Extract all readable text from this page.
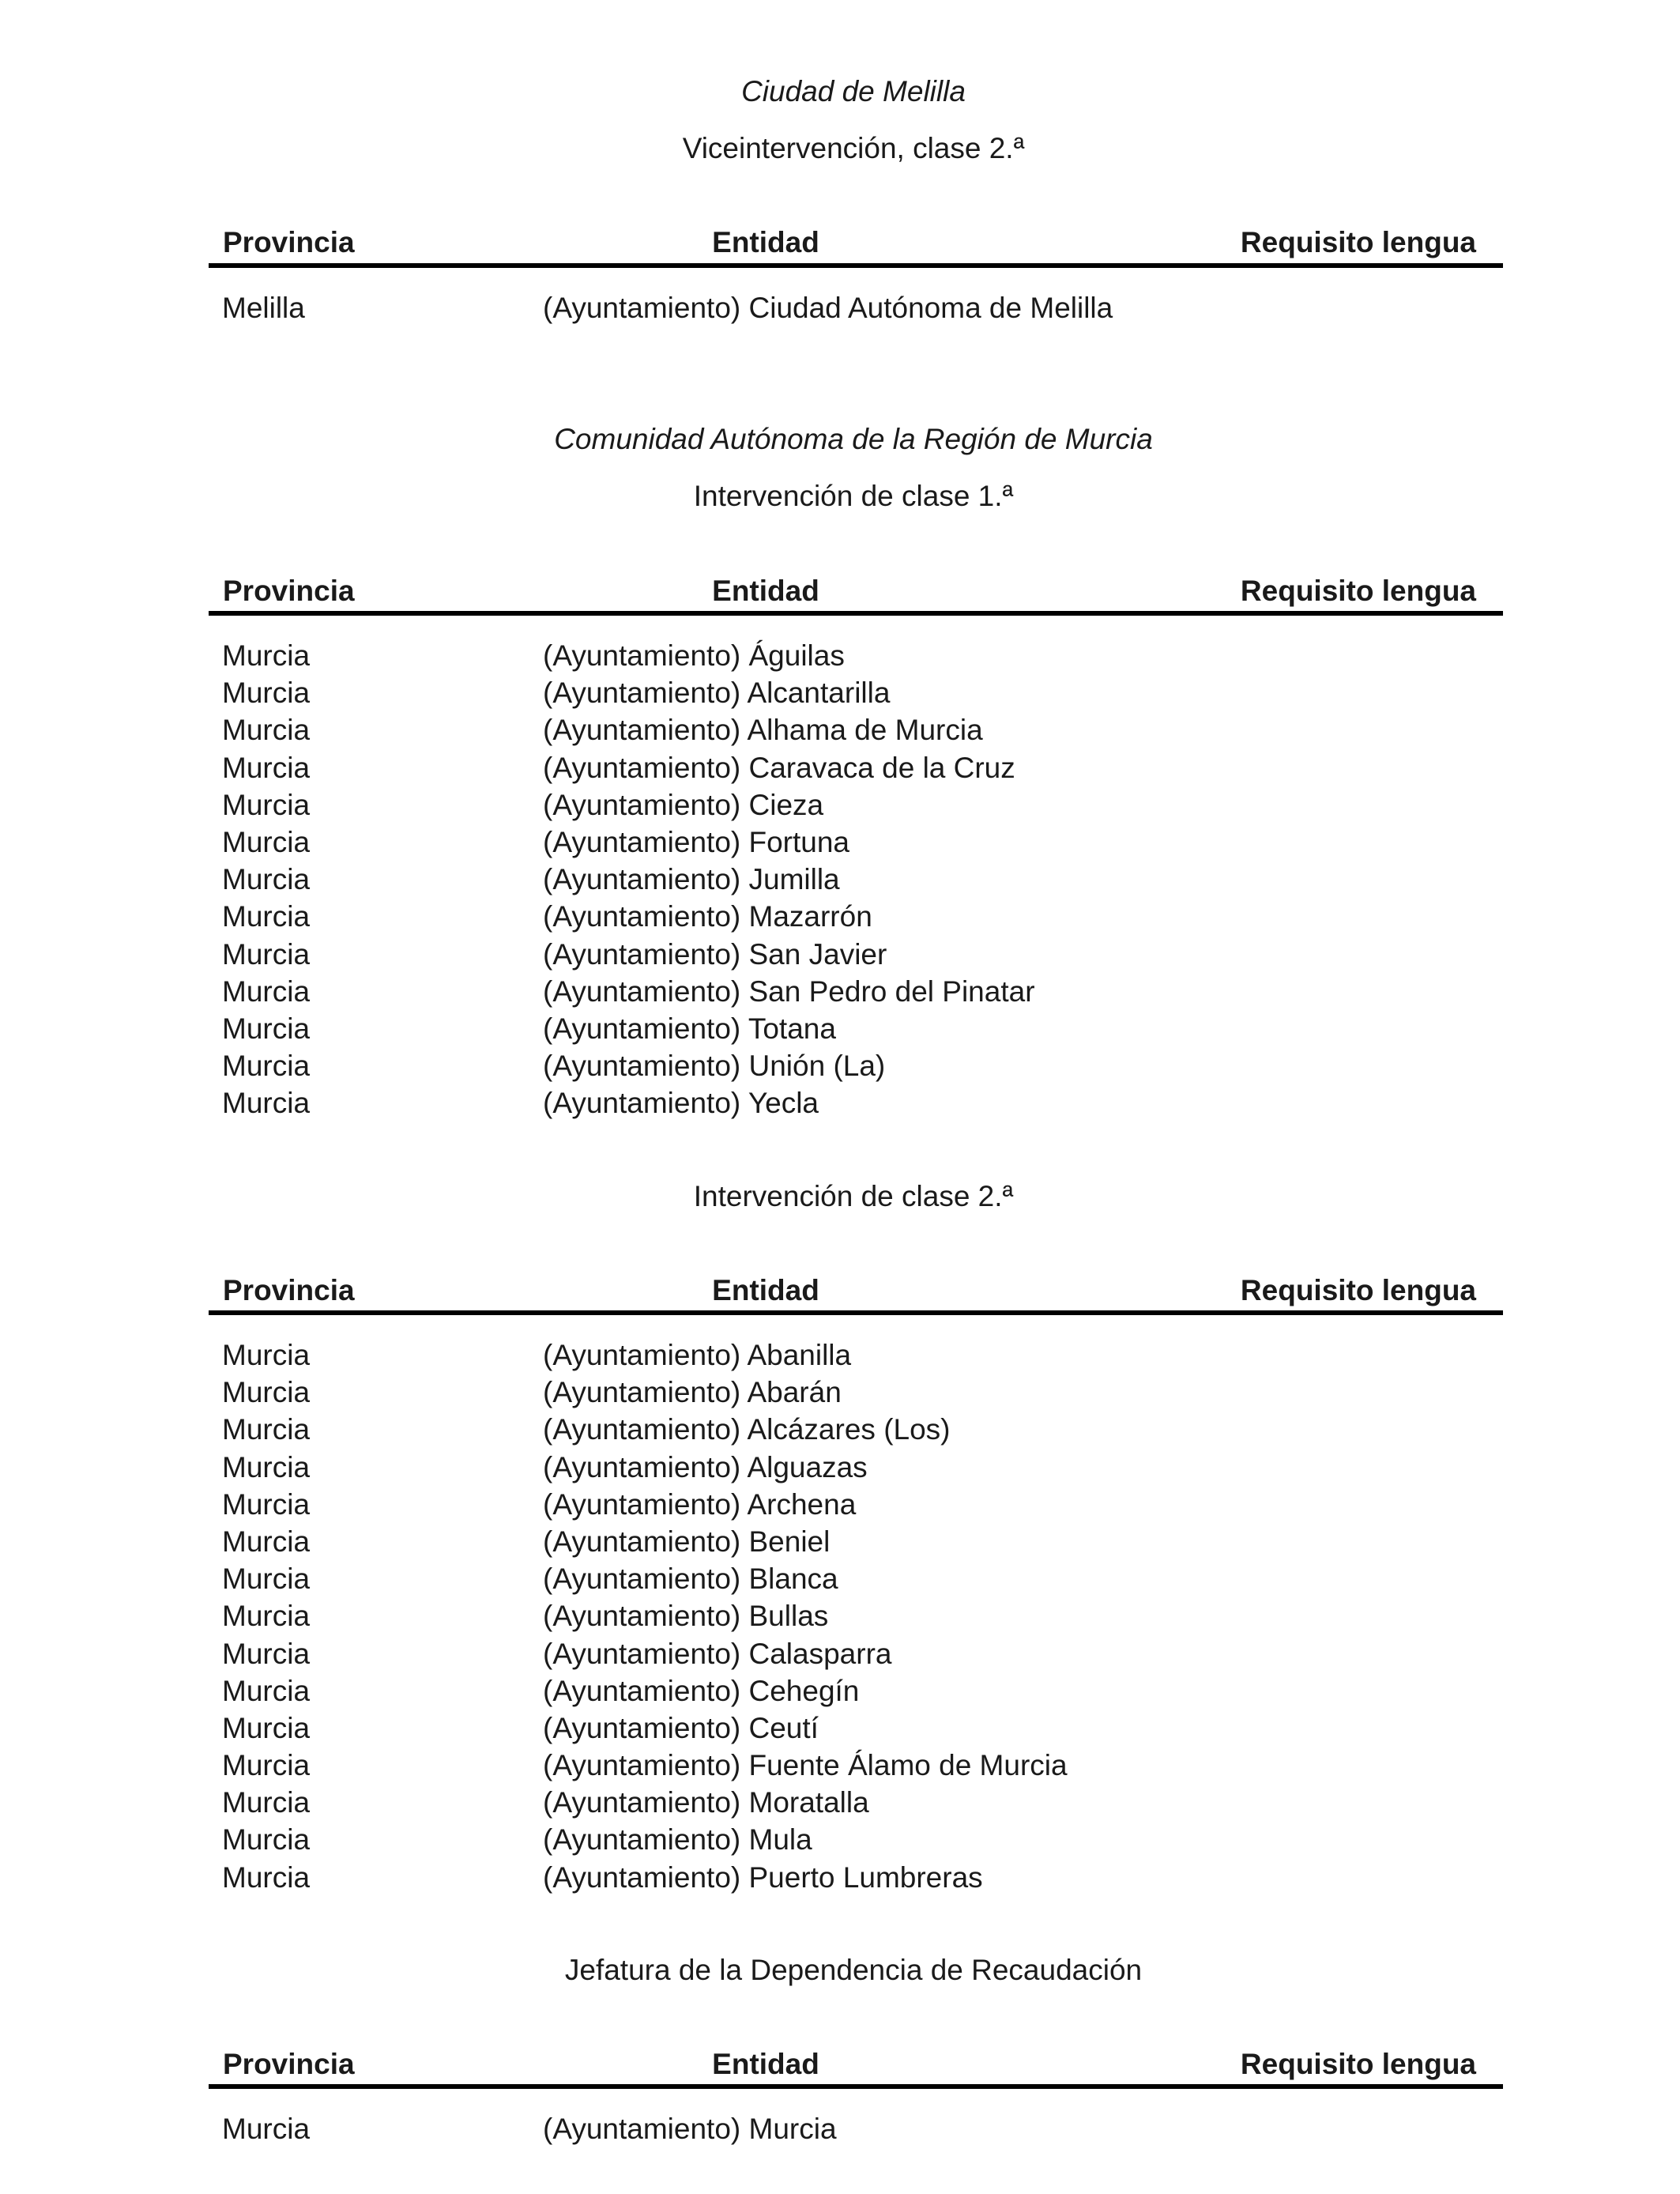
Ciudad de Melilla
Viceintervención, clase 2.ª
Provincia	Entidad	Requisito lengua
Melilla	(Ayuntamiento) Ciudad Autónoma de Melilla
Comunidad Autónoma de la Región de Murcia
Intervención de clase 1.ª
Provincia	Entidad	Requisito lengua
Murcia	(Ayuntamiento) Águilas
Murcia	(Ayuntamiento) Alcantarilla
Murcia	(Ayuntamiento) Alhama de Murcia
Murcia	(Ayuntamiento) Caravaca de la Cruz
Murcia	(Ayuntamiento) Cieza
Murcia	(Ayuntamiento) Fortuna
Murcia	(Ayuntamiento) Jumilla
Murcia	(Ayuntamiento) Mazarrón
Murcia	(Ayuntamiento) San Javier
Murcia	(Ayuntamiento) San Pedro del Pinatar
Murcia	(Ayuntamiento) Totana
Murcia	(Ayuntamiento) Unión (La)
Murcia	(Ayuntamiento) Yecla
Intervención de clase 2.ª
Provincia	Entidad	Requisito lengua
Murcia	(Ayuntamiento) Abanilla
Murcia	(Ayuntamiento) Abarán
Murcia	(Ayuntamiento) Alcázares (Los)
Murcia	(Ayuntamiento) Alguazas
Murcia	(Ayuntamiento) Archena
Murcia	(Ayuntamiento) Beniel
Murcia	(Ayuntamiento) Blanca
Murcia	(Ayuntamiento) Bullas
Murcia	(Ayuntamiento) Calasparra
Murcia	(Ayuntamiento) Cehegín
Murcia	(Ayuntamiento) Ceutí
Murcia	(Ayuntamiento) Fuente Álamo de Murcia
Murcia	(Ayuntamiento) Moratalla
Murcia	(Ayuntamiento) Mula
Murcia	(Ayuntamiento) Puerto Lumbreras
Jefatura de la Dependencia de Recaudación
Provincia	Entidad	Requisito lengua
Murcia	(Ayuntamiento) Murcia
